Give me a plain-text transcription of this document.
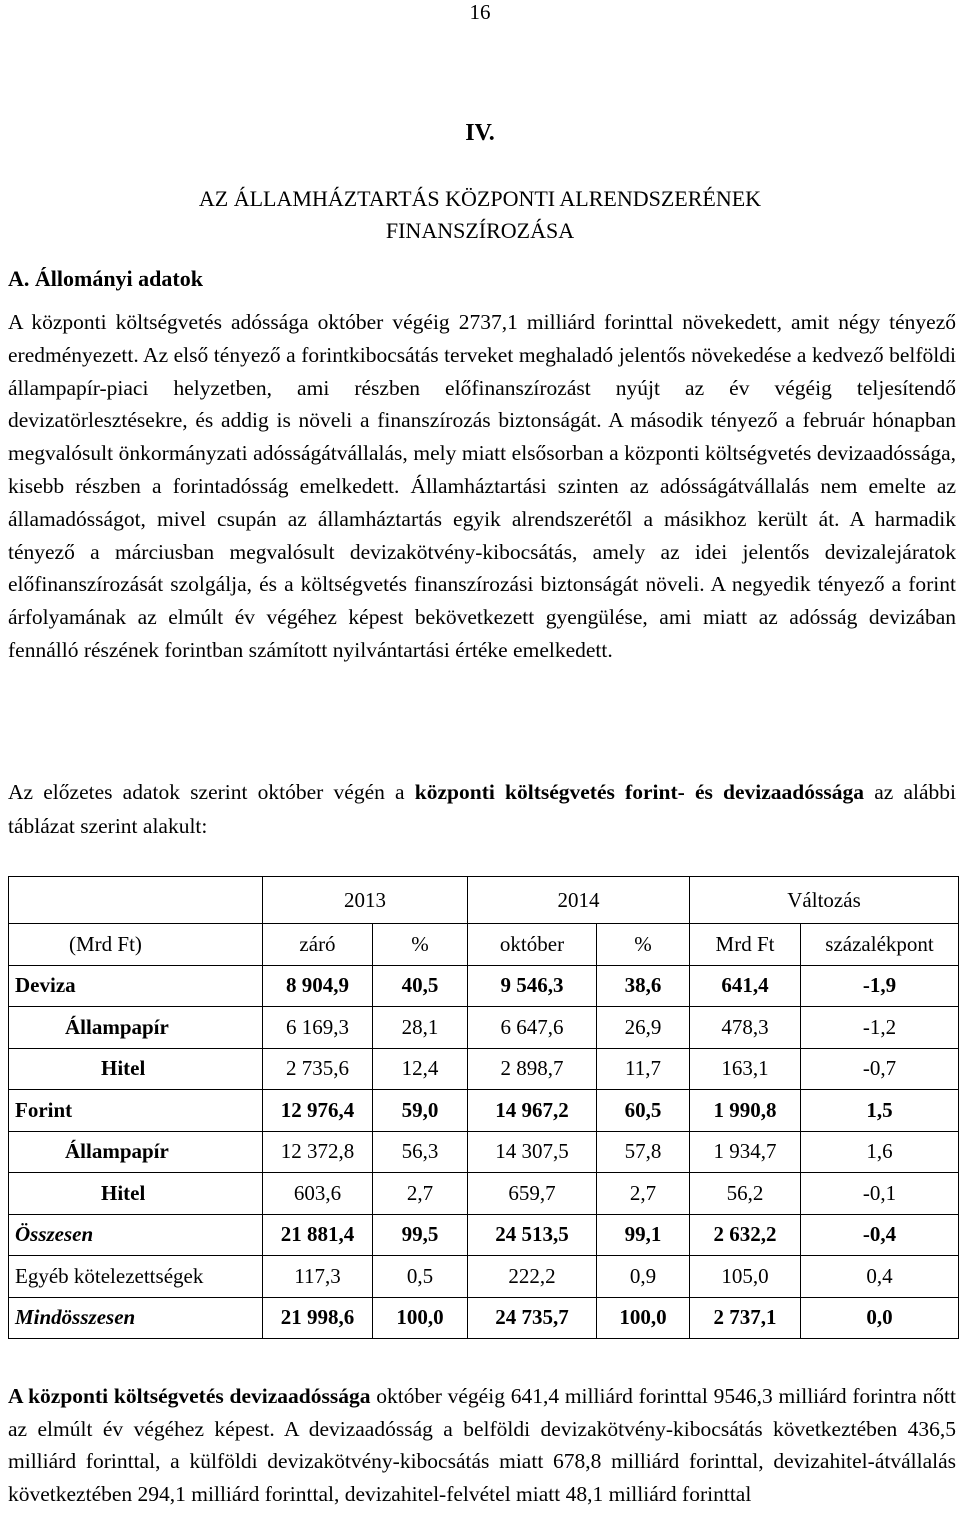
16
IV.
AZ ÁLLAMHÁZTARTÁS KÖZPONTI ALRENDSZERÉNEK
FINANSZÍROZÁSA
A. Állományi adatok
A központi költségvetés adóssága október végéig 2737,1 milliárd forinttal növekedett, amit négy tényező eredményezett. Az első tényező a forintkibocsátás terveket meghaladó jelentős növekedése a kedvező belföldi állampapír-piaci helyzetben, ami részben előfinanszírozást nyújt az év végéig teljesítendő devizatörlesztésekre, és addig is növeli a finanszírozás biztonságát. A második tényező a február hónapban megvalósult önkormányzati adósságátvállalás, mely miatt elsősorban a központi költségvetés devizaadóssága, kisebb részben a forintadósság emelkedett. Államháztartási szinten az adósságátvállalás nem emelte az államadósságot, mivel csupán az államháztartás egyik alrendszerétől a másikhoz került át. A harmadik tényező a márciusban megvalósult devizakötvény-kibocsátás, amely az idei jelentős devizalejáratok előfinanszírozását szolgálja, és a költségvetés finanszírozási biztonságát növeli. A negyedik tényező a forint árfolyamának az elmúlt év végéhez képest bekövetkezett gyengülése, ami miatt az adósság devizában fennálló részének forintban számított nyilvántartási értéke emelkedett.
Az előzetes adatok szerint október végén a központi költségvetés forint- és devizaadóssága az alábbi táblázat szerint alakult:
	2013		2014		Változás	
(Mrd Ft)	záró	%	október	%	Mrd Ft	százalékpont
Deviza	8 904,9	40,5	9 546,3	38,6	641,4	-1,9
Állampapír	6 169,3	28,1	6 647,6	26,9	478,3	-1,2
Hitel	2 735,6	12,4	2 898,7	11,7	163,1	-0,7
Forint	12 976,4	59,0	14 967,2	60,5	1 990,8	1,5
Állampapír	12 372,8	56,3	14 307,5	57,8	1 934,7	1,6
Hitel	603,6	2,7	659,7	2,7	56,2	-0,1
Összesen	21 881,4	99,5	24 513,5	99,1	2 632,2	-0,4
Egyéb kötelezettségek	117,3	0,5	222,2	0,9	105,0	0,4
Mindösszesen	21 998,6	100,0	24 735,7	100,0	2 737,1	0,0
A központi költségvetés devizaadóssága október végéig 641,4 milliárd forinttal 9546,3 milliárd forintra nőtt az elmúlt év végéhez képest. A devizaadósság a belföldi devizakötvény-kibocsátás következtében 436,5 milliárd forinttal, a külföldi devizakötvény-kibocsátás miatt 678,8 milliárd forinttal, devizahitel-átvállalás következtében 294,1 milliárd forinttal, devizahitel-felvétel miatt 48,1 milliárd forinttal
